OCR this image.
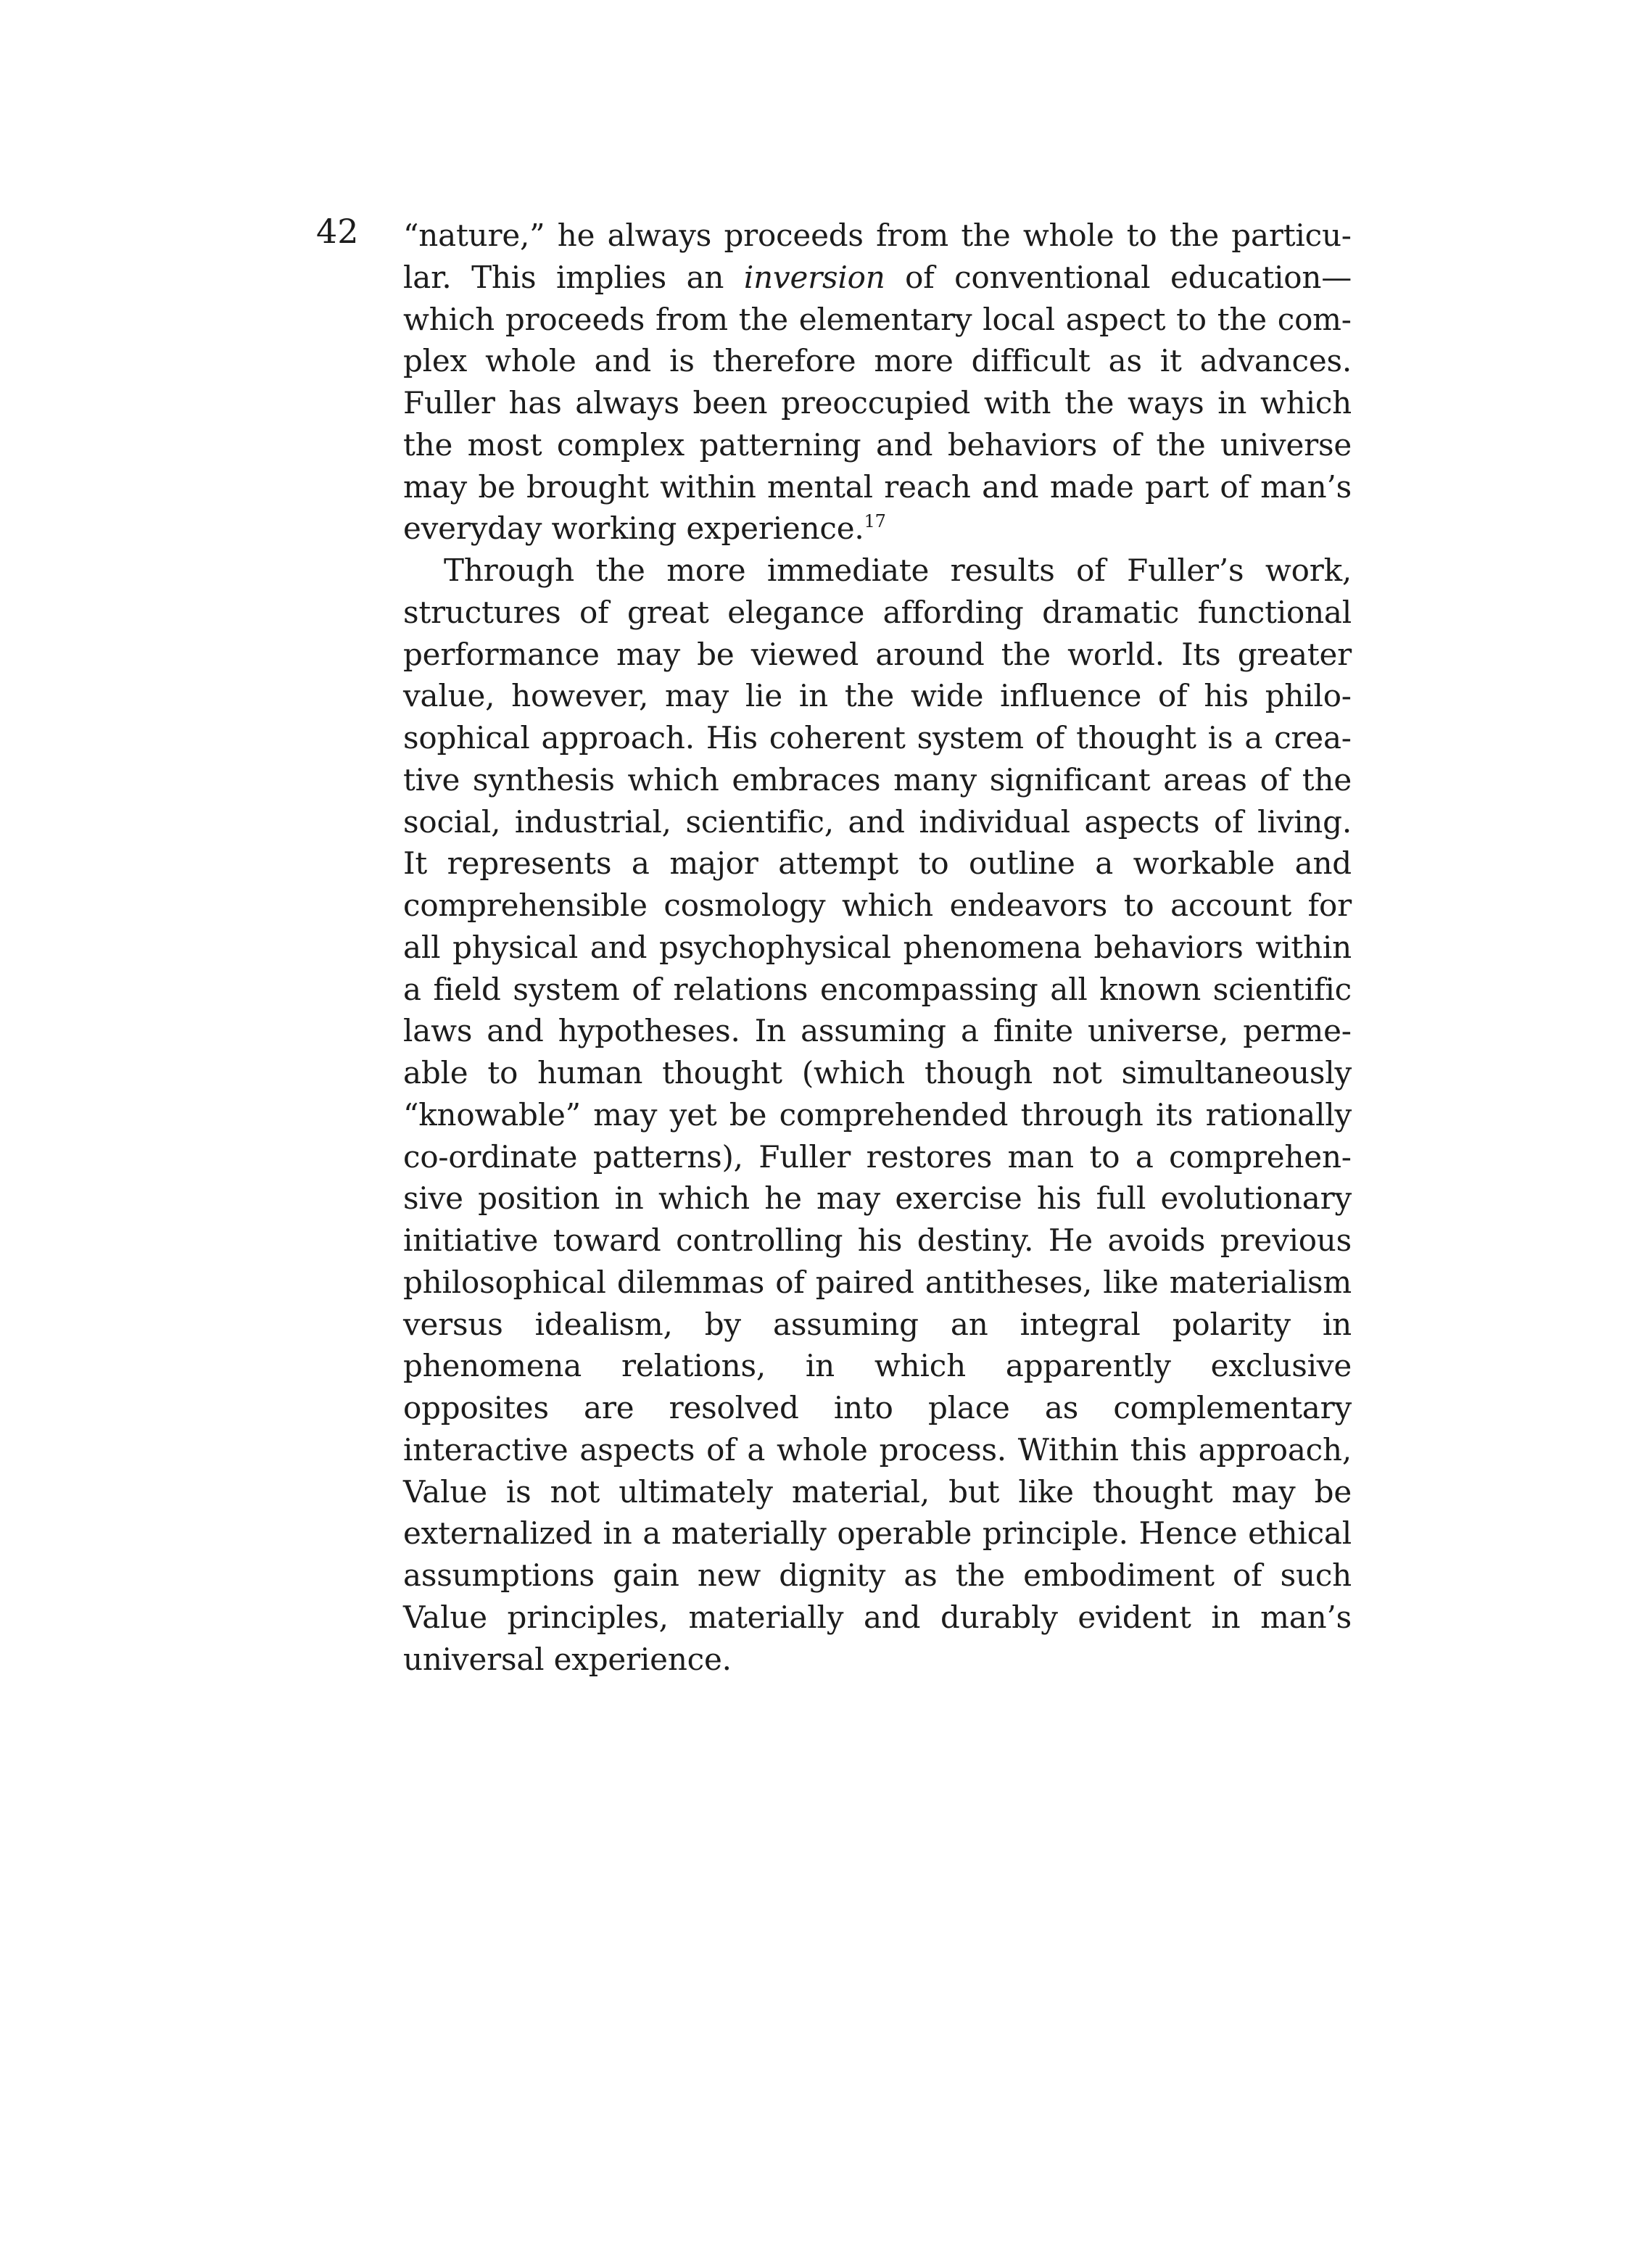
42 “nature,” he always proceeds from the whole to the particular. This implies an inversion of conventional education— which proceeds from the elementary local aspect to the complex whole and is therefore more difficult as it advances. Fuller has always been preoccupied with the ways in which the most complex patterning and behaviors of the universe may be brought within mental reach and made part of man’s everyday working experience.$^{17}$

Through the more immediate results of Fuller’s work, structures of great elegance affording dramatic functional performance may be viewed around the world. Its greater value, however, may lie in the wide influence of his philosophical approach. His coherent system of thought is a creative synthesis which embraces many significant areas of the social, industrial, scientific, and individual aspects of living. It represents a major attempt to outline a workable and comprehensible cosmology which endeavors to account for all physical and psychophysical phenomena behaviors within a field system of relations encompassing all known scientific laws and hypotheses. In assuming a finite universe, permeable to human thought (which though not simultaneously “knowable” may yet be comprehended through its rationally co-ordinate patterns), Fuller restores man to a comprehensive position in which he may exercise his full evolutionary initiative toward controlling his destiny. He avoids previous philosophical dilemmas of paired antitheses, like materialism versus idealism, by assuming an integral polarity in phenomena relations, in which apparently exclusive opposites are resolved into place as complementary interactive aspects of a whole process. Within this approach, Value is not ultimately material, but like thought may be externalized in a materially operable principle. Hence ethical assumptions gain new dignity as the embodiment of such Value principles, materially and durably evident in man’s universal experience.
